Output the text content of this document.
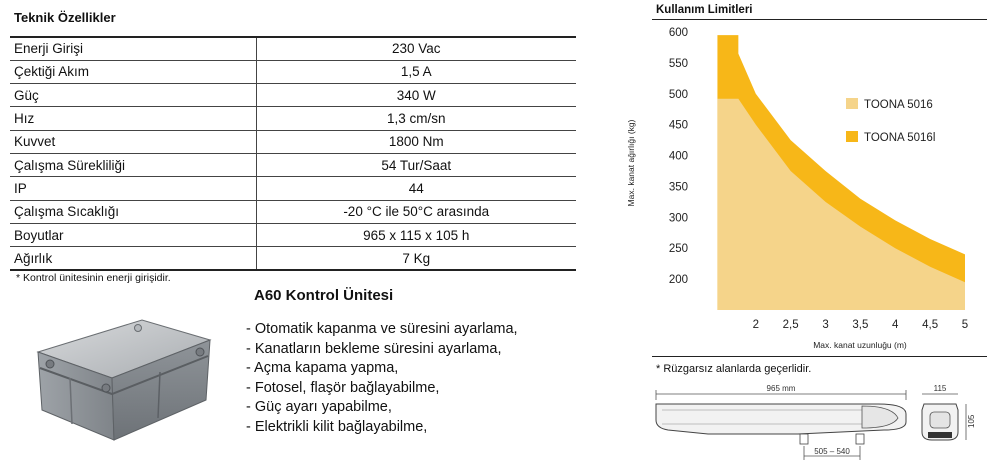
Teknik Özellikler
Enerji Girişi	230 Vac
Çektiği Akım	1,5 A
Güç	340 W
Hız	1,3 cm/sn
Kuvvet	1800 Nm
Çalışma Sürekliliği	54 Tur/Saat
IP	44
Çalışma Sıcaklığı	-20 °C ile 50°C arasında
Boyutlar	965 x 115 x 105 h
Ağırlık	7 Kg
* Kontrol ünitesinin enerji girişidir.
A60 Kontrol Ünitesi
- Otomatik kapanma ve süresini ayarlama,
- Kanatların bekleme süresini ayarlama,
- Açma kapama yapma,
- Fotosel, flaşör bağlayabilme,
- Güç ayarı yapabilme,
- Elektrikli kilit bağlayabilme,
Kullanım Limitleri
200
250
300
350
400
450
500
550
600
2 2,5 3 3,5 4 4,5 5
Max. kanat uzunluğu (m)
Max. kanat ağırlığı (kg)
TOONA 5016
TOONA 5016l
* Rüzgarsız alanlarda geçerlidir.
965 mm
505 – 540
115
105
